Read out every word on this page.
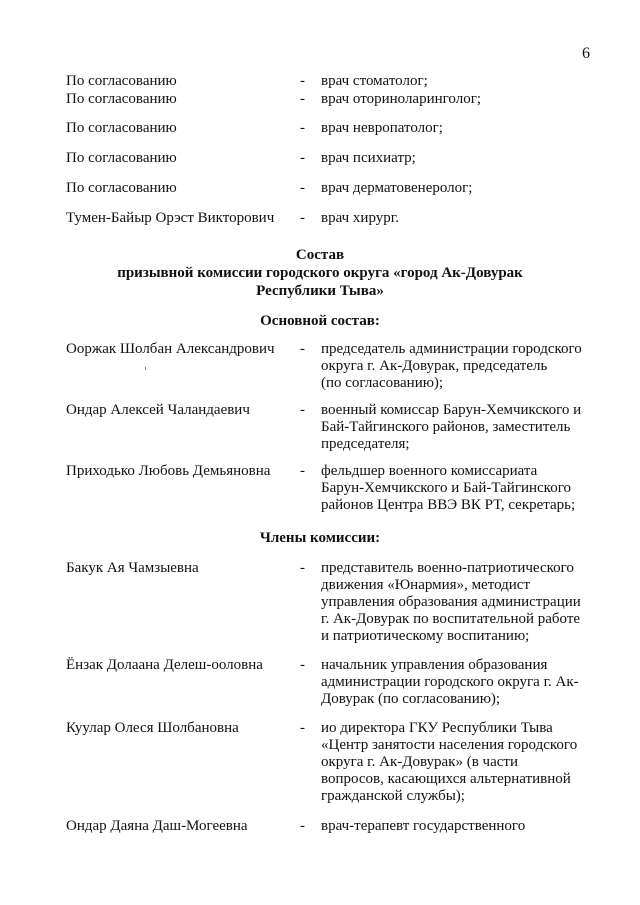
6
По согласованию	- врач стоматолог;
По согласованию	- врач оториноларинголог;
По согласованию	- врач невропатолог;
По согласованию	- врач психиатр;
По согласованию	- врач дерматовенеролог;
Тумен-Байыр Орэст Викторович - врач хирург.
Состав
призывной комиссии городского округа «город Ак-Довурак
Республики Тыва»
Основной состав:
Ооржак Шолбан Александрович - председатель администрации городского
округа г. Ак-Довурак, председатель
(по согласованию);
Ондар Алексей Чаландаевич	- военный комиссар Барун-Хемчикского и
Бай-Тайгинского районов, заместитель
председателя;
Приходько Любовь Демьяновна - фельдшер военного комиссариата
Барун-Хемчикского и Бай-Тайгинского
районов Центра ВВЭ ВК РТ, секретарь;
Члены комиссии:
Бакук Ая Чамзыевна	- представитель военно-патриотического
движения «Юнармия», методист
управления образования администрации
г. Ак-Довурак по воспитательной работе
и патриотическому воспитанию;
Ёнзак Долаана Делеш-ооловна - начальник управления образования
администрации городского округа г. Ак-
Довурак (по согласованию);
Куулар Олеся Шолбановна	- ио директора ГКУ Республики Тыва
«Центр занятости населения городского
округа г. Ак-Довурак» (в части
вопросов, касающихся альтернативной
гражданской службы);
Ондар Даяна Даш-Могеевна	- врач-терапевт государственного
